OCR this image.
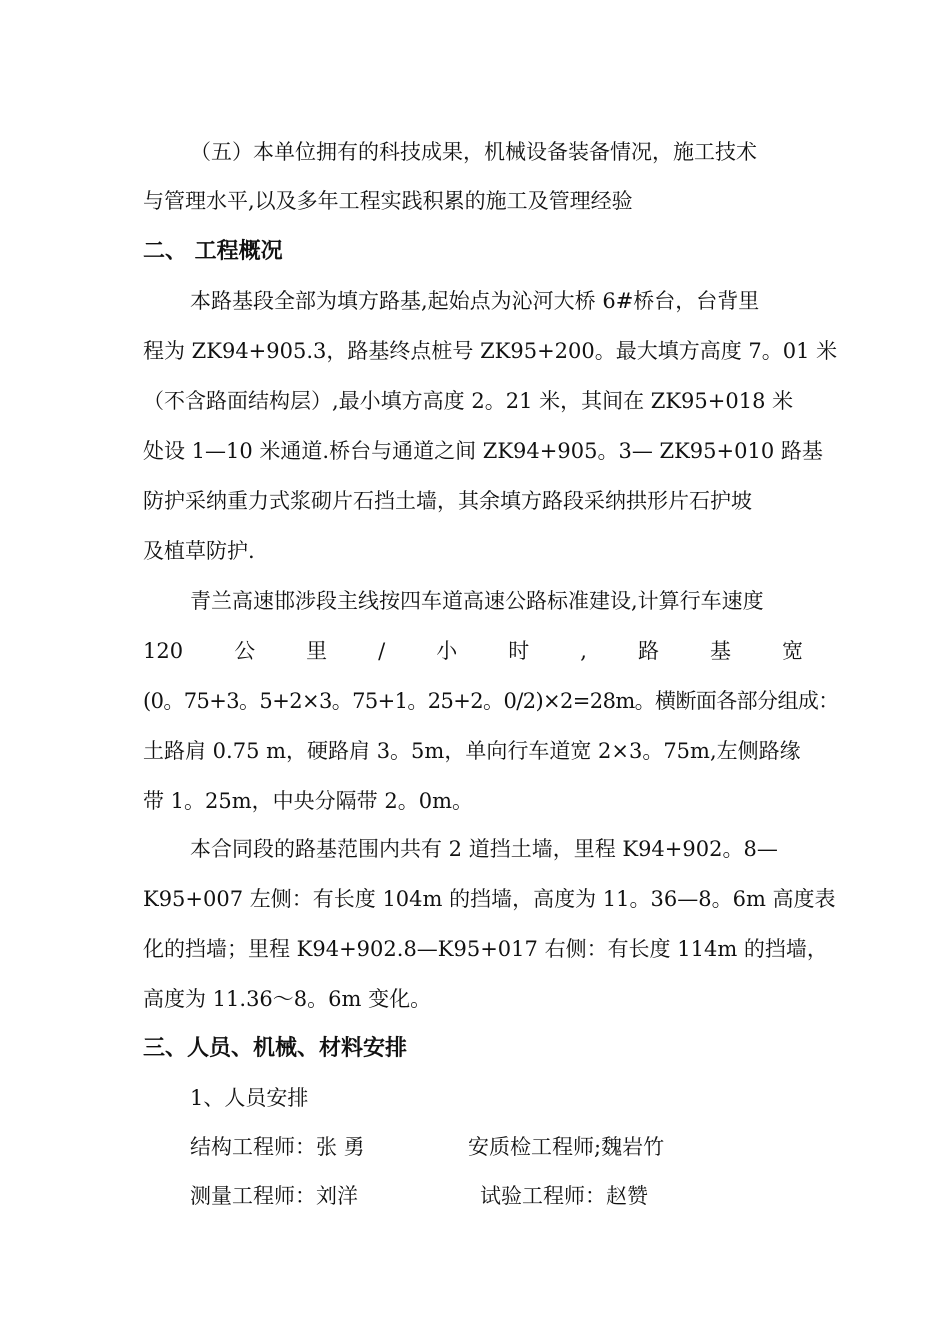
（五）本单位拥有的科技成果，机械设备装备情况，施工技术
与管理水平,以及多年工程实践积累的施工及管理经验
二、 工程概况
本路基段全部为填方路基,起始点为沁河大桥 6#桥台，台背里
程为 ZK94+905.3，路基终点桩号 ZK95+200。最大填方高度 7。01 米
（不含路面结构层）,最小填方高度 2。21 米，其间在 ZK95+018 米
处设 1—10 米通道.桥台与通道之间 ZK94+905。3— ZK95+010 路基
防护采纳重力式浆砌片石挡土墙，其余填方路段采纳拱形片石护坡
及植草防护.
青兰高速邯涉段主线按四车道高速公路标准建设,计算行车速度
120 公 里 / 小 时 , 路 基 宽
(0。75+3。5+2×3。75+1。25+2。0/2)×2=28m。横断面各部分组成：
土路肩 0.75 m，硬路肩 3。5m，单向行车道宽 2×3。75m,左侧路缘
带 1。25m，中央分隔带 2。0m。
本合同段的路基范围内共有 2 道挡土墙，里程 K94+902。8—
K95+007 左侧：有长度 104m 的挡墙，高度为 11。36—8。6m 高度表
化的挡墙；里程 K94+902.8—K95+017 右侧：有长度 114m 的挡墙，
高度为 11.36～8。6m 变化。
三、人员、机械、材料安排
1、人员安排
结构工程师：张 勇	安质检工程师;魏岩竹
测量工程师：刘洋	试验工程师：赵赞
